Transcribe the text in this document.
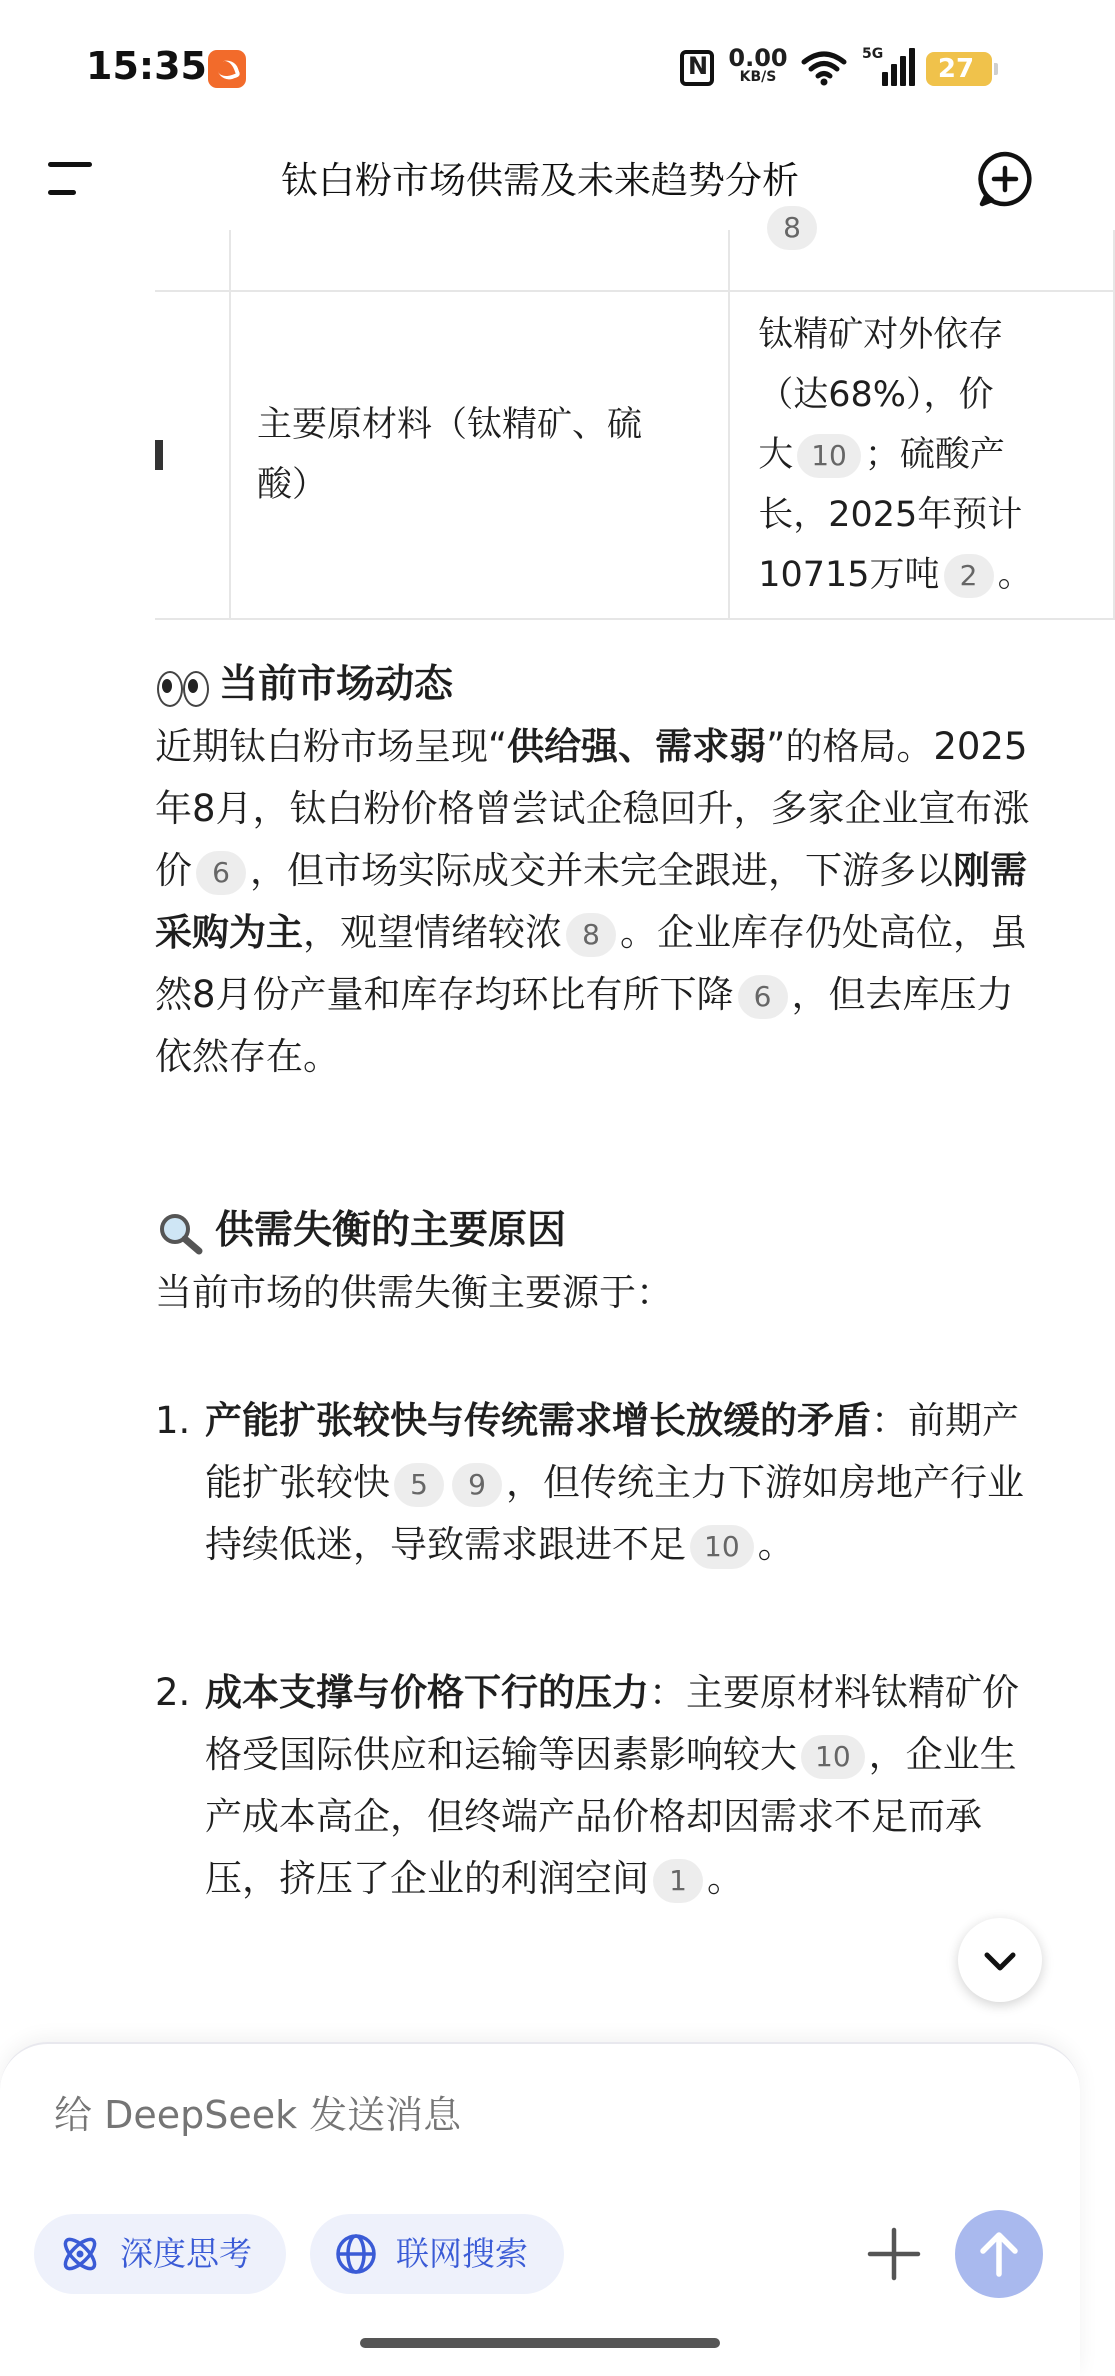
15:35 N	0.00
KB/S
5G	27
钛白粉市场供需及未来趋势分析

	主要原材料（钛精矿、硫酸）	钛精矿对外依存
（达68%），价
大 10 ；硫酸产
长，2025年预计
10715万吨 2 。
8
当前市场动态
近期钛白粉市场呈现“供给强、需求弱”的格局。2025年8月，钛白粉价格曾尝试企稳回升，多家企业宣布涨价 6 ，但市场实际成交并未完全跟进，下游多以刚需采购为主，观望情绪较浓 8 。企业库存仍处高位，虽然8月份产量和库存均环比有所下降 6 ，但去库压力依然存在。
供需失衡的主要原因
当前市场的供需失衡主要源于：
1. 产能扩张较快与传统需求增长放缓的矛盾：前期产能扩张较快 5 9 ，但传统主力下游如房地产行业持续低迷，导致需求跟进不足 10 。
2. 成本支撑与价格下行的压力：主要原材料钛精矿价格受国际供应和运输等因素影响较大 10 ，企业生产成本高企，但终端产品价格却因需求不足而承压，挤压了企业的利润空间 1 。
给 DeepSeek 发送消息
深度思考	联网搜索
